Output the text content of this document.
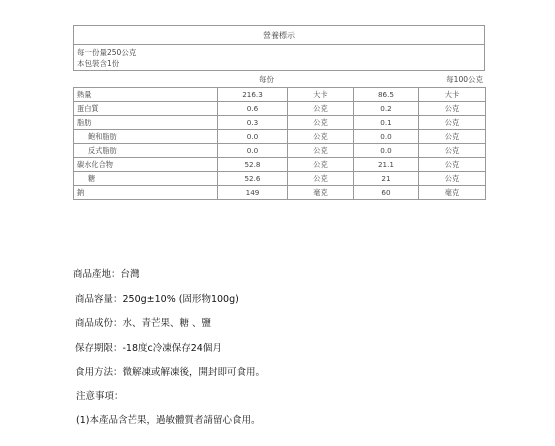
營養標示
每一份量250公克
本包裝含1份
每份	每100公克
熱量	216.3	大卡	86.5	大卡
蛋白質	0.6	公克	0.2	公克
脂肪	0.3	公克	0.1	公克
飽和脂肪	0.0	公克	0.0	公克
反式脂肪	0.0	公克	0.0	公克
碳水化合物	52.8	公克	21.1	公克
糖	52.6	公克	21	公克
鈉	149	毫克	60	毫克
商品產地：台灣
商品容量：250g±10% (固形物100g)
商品成份：水、青芒果、糖 、鹽
保存期限：-18度c冷凍保存24個月
食用方法：微解凍或解凍後，開封即可食用。
注意事項：
(1)本產品含芒果，過敏體質者請留心食用。
